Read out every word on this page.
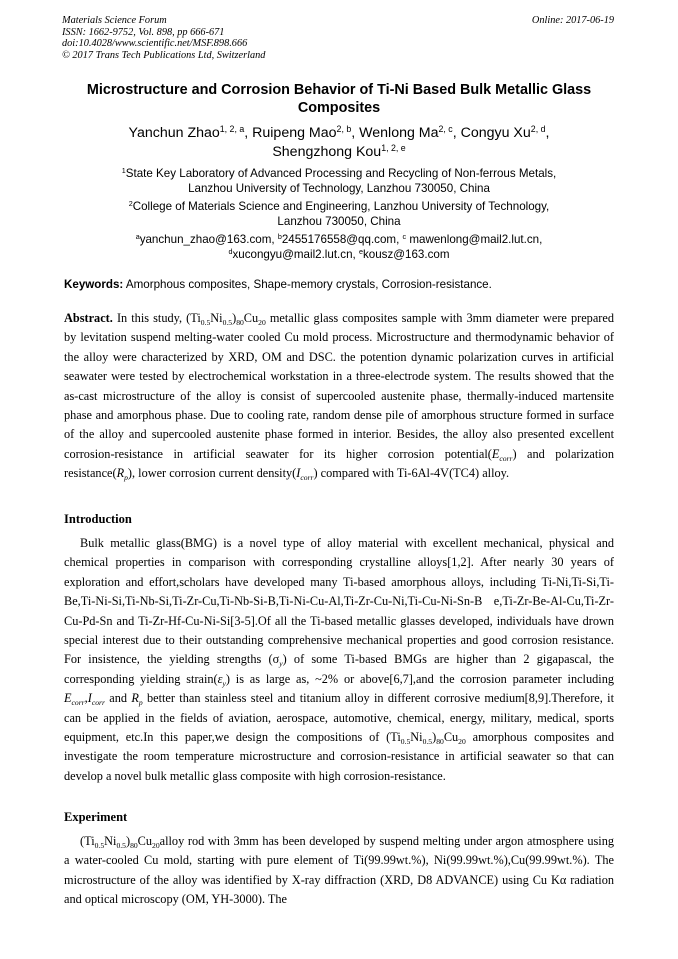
Materials Science Forum
ISSN: 1662-9752, Vol. 898, pp 666-671
doi:10.4028/www.scientific.net/MSF.898.666
© 2017 Trans Tech Publications Ltd, Switzerland
Online: 2017-06-19
Microstructure and Corrosion Behavior of Ti-Ni Based Bulk Metallic Glass Composites
Yanchun Zhao$^{1, 2, a}$, Ruipeng Mao$^{2, b}$, Wenlong Ma$^{2, c}$, Congyu Xu$^{2, d}$,
Shengzhong Kou$^{1, 2, e}$
$^1$State Key Laboratory of Advanced Processing and Recycling of Non-ferrous Metals,
Lanzhou University of Technology, Lanzhou 730050, China
$^2$College of Materials Science and Engineering, Lanzhou University of Technology,
Lanzhou 730050, China
$^a$yanchun_zhao@163.com, $^b$2455176558@qq.com, $^c$ mawenlong@mail2.lut.cn,
$^d$xucongyu@mail2.lut.cn, $^e$kousz@163.com
Keywords: Amorphous composites, Shape-memory crystals, Corrosion-resistance.
Abstract. In this study, $(Ti_{0.5}Ni_{0.5})_{80}Cu_{20}$ metallic glass composites sample with 3mm diameter were prepared by levitation suspend melting-water cooled Cu mold process. Microstructure and thermodynamic behavior of the alloy were characterized by XRD, OM and DSC. the potention dynamic polarization curves in artificial seawater were tested by electrochemical workstation in a three-electrode system. The results showed that the as-cast microstructure of the alloy is consist of supercooled austenite phase, thermally-induced martensite phase and amorphous phase. Due to cooling rate, random dense pile of amorphous structure formed in surface of the alloy and supercooled austenite phase formed in interior. Besides, the alloy also presented excellent corrosion-resistance in artificial seawater for its higher corrosion $potential(E_{corr})$ and polarization $resistance(R_p)$, lower corrosion current $density(I_{corr})$ compared with Ti-6Al-4V(TC4) alloy.
Introduction
Bulk metallic glass(BMG) is a novel type of alloy material with excellent mechanical, physical and chemical properties in comparison with corresponding crystalline alloys[1,2]. After nearly 30 years of exploration and effort,scholars have developed many Ti-based amorphous alloys, including Ti-Ni,Ti-Si,Ti-Be,Ti-Ni-Si,Ti-Nb-Si,Ti-Zr-Cu,Ti-Nb-Si-B,Ti-Ni-Cu-Al,Ti-Zr-Cu-Ni,Ti-Cu-Ni-Sn-B e,Ti-Zr-Be-Al-Cu,Ti-Zr-Cu-Pd-Sn and Ti-Zr-Hf-Cu-Ni-Si[3-5].Of all the Ti-based metallic glasses developed, individuals have drown special interest due to their outstanding comprehensive mechanical properties and good corrosion resistance. For insistence, the yielding strengths $(\sigma_y)$ of some Ti-based BMGs are higher than 2 gigapascal, the corresponding yielding $strain(\varepsilon_y)$ is as large as, ~2% or above[6,7],and the corrosion parameter including $E_{corr},I_{corr}$ and $R_p$ better than stainless steel and titanium alloy in different corrosive medium[8,9].Therefore, it can be applied in the fields of aviation, aerospace, automotive, chemical, energy, military, medical, sports equipment, etc.In this paper,we design the compositions of $(Ti_{0.5}Ni_{0.5})_{80}Cu_{20}$ amorphous composites and investigate the room temperature microstructure and corrosion-resistance in artificial seawater so that can develop a novel bulk metallic glass composite with high corrosion-resistance.
Experiment
$(Ti_{0.5}Ni_{0.5})_{80}Cu_{20}alloy$ rod with 3mm has been developed by suspend melting under argon atmosphere using a water-cooled Cu mold, starting with pure element of Ti(99.99wt.%), Ni(99.99wt.%),Cu(99.99wt.%). The microstructure of the alloy was identified by X-ray diffraction (XRD, D8 ADVANCE) using Cu Kα radiation and optical microscopy (OM, YH-3000). The
